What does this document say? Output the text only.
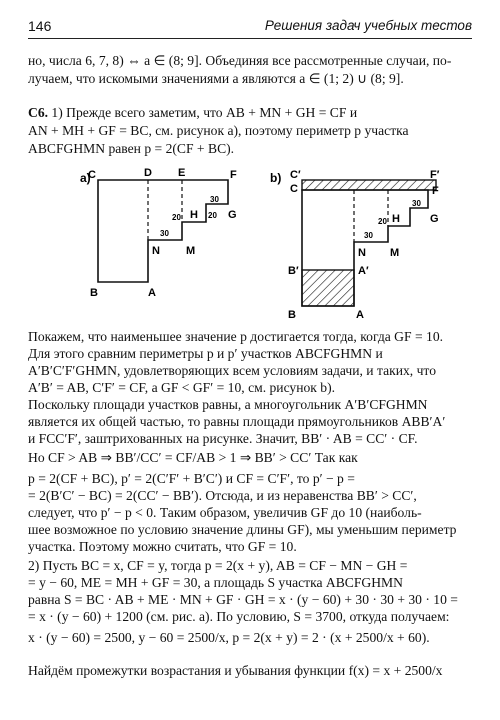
146	Решения задач учебных тестов
но, числа 6, 7, 8) ⇔ a ∈ (8; 9]. Объединяя все рассмотренные случаи, по-
лучаем, что искомыми значениями a являются a ∈ (1; 2) ∪ (8; 9].
С6. 1) Прежде всего заметим, что AB + MN + GH = CF и
AN + MH + GF = BC, см. рисунок a), поэтому периметр p участка
ABCFGHMN равен p = 2(CF + BC).
a)
C	D E	F
G
H
M
N
B	A
30
20
30
20
b) C′
C
F′
F
G
H
M
N
B′	A′
B	A
30
20
30
Покажем, что наименьшее значение p достигается тогда, когда GF = 10.
Для этого сравним периметры p и p′ участков ABCFGHMN и
A′B′C′F′GHMN, удовлетворяющих всем условиям задачи, и таких, что
A′B′ = AB, C′F′ = CF, а GF < GF′ = 10, см. рисунок b).
Поскольку площади участков равны, а многоугольник A′B′CFGHMN
является их общей частью, то равны площади прямоугольников ABB′A′
и FCC′F′, заштрихованных на рисунке. Значит, BB′ · AB = CC′ · CF.
Но CF > AB ⇒ BB′/CC′ = CF/AB > 1 ⇒ BB′ > CC′ Так как
p = 2(CF + BC), p′ = 2(C′F′ + B′C′) и CF = C′F′, то p′ − p =
= 2(B′C′ − BC) = 2(CC′ − BB′). Отсюда, и из неравенства BB′ > CC′,
следует, что p′ − p < 0. Таким образом, увеличив GF до 10 (наиболь-
шее возможное по условию значение длины GF), мы уменьшим периметр
участка. Поэтому можно считать, что GF = 10.
2) Пусть BC = x, CF = y, тогда p = 2(x + y), AB = CF − MN − GH =
= y − 60, ME = MH + GF = 30, а площадь S участка ABCFGHMN
равна S = BC · AB + ME · MN + GF · GH = x · (y − 60) + 30 · 30 + 30 · 10 =
= x · (y − 60) + 1200 (см. рис. a). По условию, S = 3700, откуда получаем:
x · (y − 60) = 2500, y − 60 = 2500/x, p = 2(x + y) = 2 · (x + 2500/x + 60).
Найдём промежутки возрастания и убывания функции f(x) = x + 2500/x
